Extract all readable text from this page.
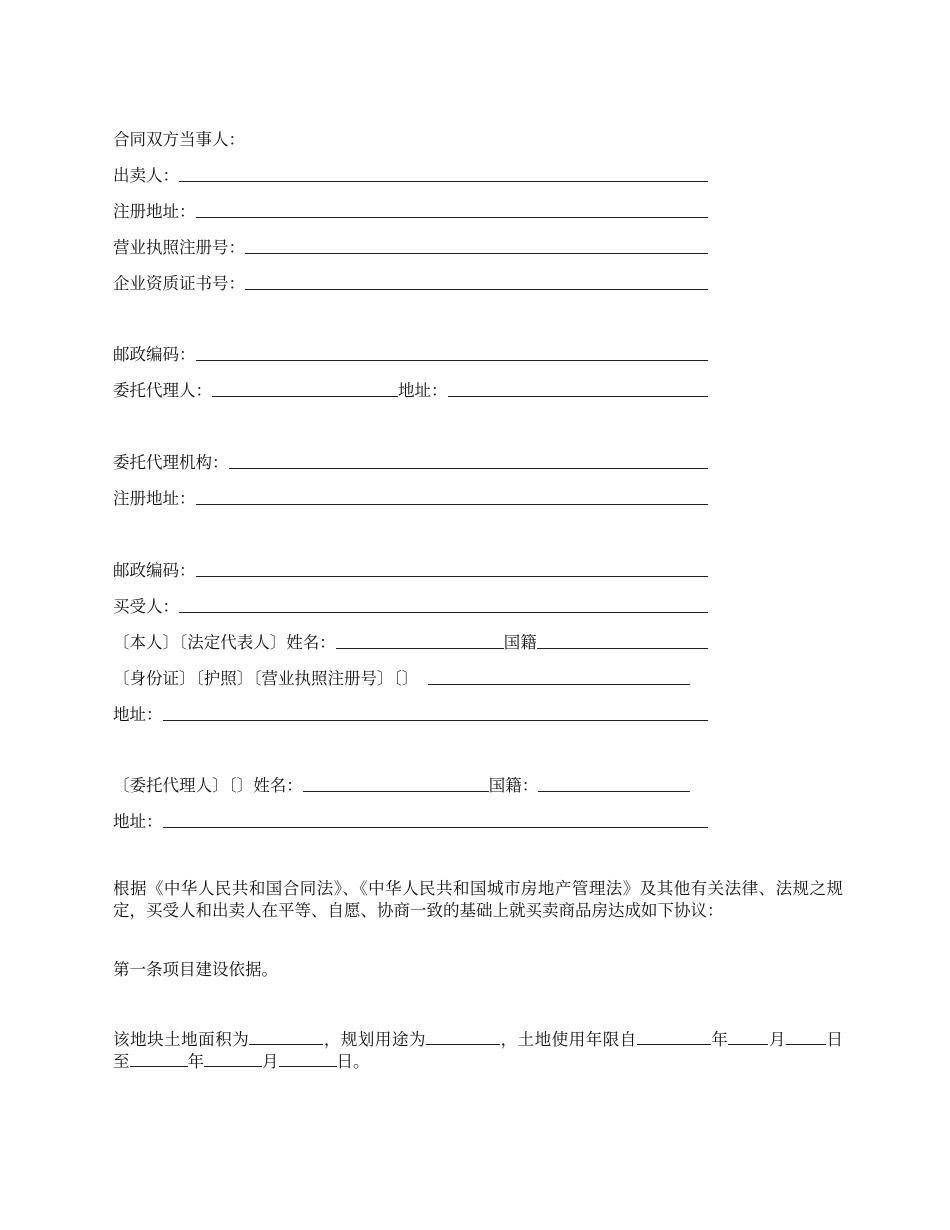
合同双方当事人：
出卖人：
注册地址：
营业执照注册号：
企业资质证书号：
邮政编码：
委托代理人：	地址：
委托代理机构：
注册地址：
邮政编码：
买受人：
〔本人〕〔法定代表人〕姓名：	国籍
〔身份证〕〔护照〕〔营业执照注册号〕〔〕
地址：
〔委托代理人〕〔〕姓名：	国籍：
地址：
根据《中华人民共和国合同法》、《中华人民共和国城市房地产管理法》及其他有关法律、法规之规定，买受人和出卖人在平等、自愿、协商一致的基础上就买卖商品房达成如下协议：
第一条项目建设依据。
该地块土地面积为	，规划用途为	，土地使用年限自	年 月 日至	年	月	日。
